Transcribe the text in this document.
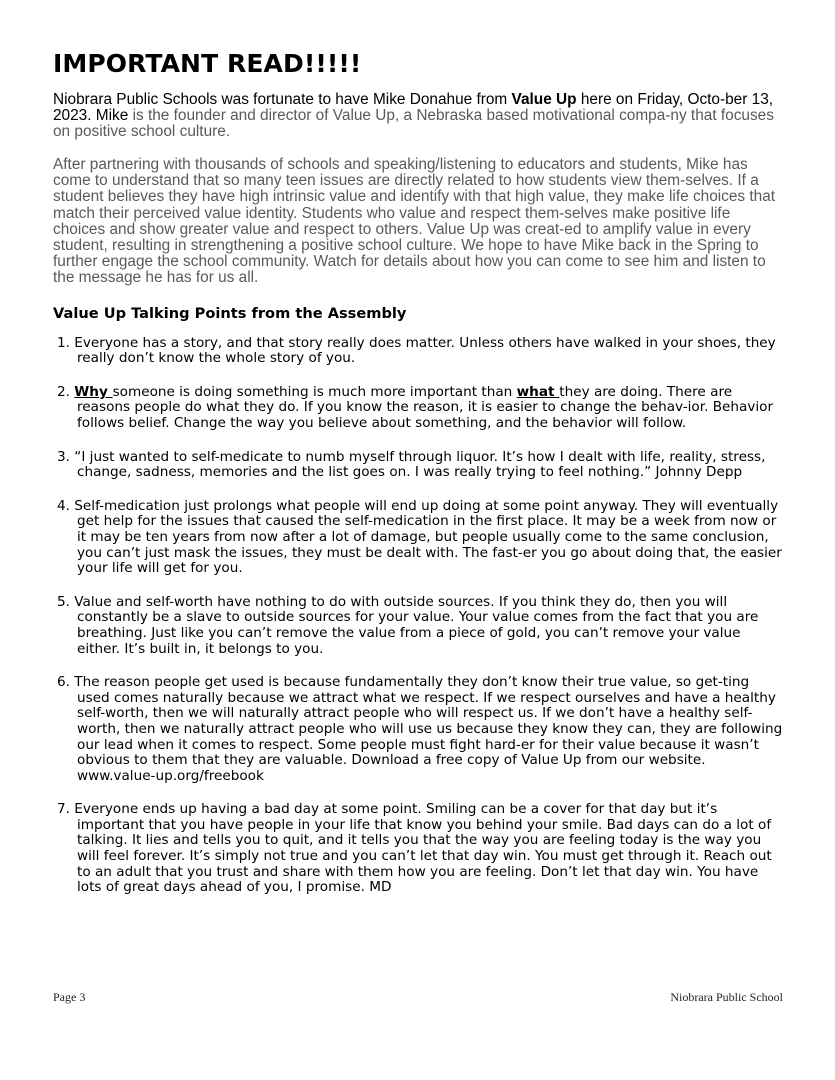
IMPORTANT READ!!!!!

Niobrara Public Schools was fortunate to have Mike Donahue from Value Up here on Friday, Octo-ber 13, 2023. Mike is the founder and director of Value Up, a Nebraska based motivational compa-ny that focuses on positive school culture.

After partnering with thousands of schools and speaking/listening to educators and students, Mike has come to understand that so many teen issues are directly related to how students view them-selves. If a student believes they have high intrinsic value and identify with that high value, they make life choices that match their perceived value identity. Students who value and respect them-selves make positive life choices and show greater value and respect to others. Value Up was creat-ed to amplify value in every student, resulting in strengthening a positive school culture. We hope to have Mike back in the Spring to further engage the school community. Watch for details about how you can come to see him and listen to the message he has for us all.

Value Up Talking Points from the Assembly
1. Everyone has a story, and that story really does matter. Unless others have walked in your shoes, they really don’t know the whole story of you.
2. Why someone is doing something is much more important than what they are doing. There are reasons people do what they do. If you know the reason, it is easier to change the behav-ior. Behavior follows belief. Change the way you believe about something, and the behavior will follow.
3. “I just wanted to self-medicate to numb myself through liquor. It’s how I dealt with life, reality, stress, change, sadness, memories and the list goes on. I was really trying to feel nothing.” Johnny Depp
4. Self-medication just prolongs what people will end up doing at some point anyway. They will eventually get help for the issues that caused the self-medication in the first place. It may be a week from now or it may be ten years from now after a lot of damage, but people usually come to the same conclusion, you can’t just mask the issues, they must be dealt with. The fast-er you go about doing that, the easier your life will get for you.
5. Value and self-worth have nothing to do with outside sources. If you think they do, then you will constantly be a slave to outside sources for your value. Your value comes from the fact that you are breathing. Just like you can’t remove the value from a piece of gold, you can’t remove your value either. It’s built in, it belongs to you.
6. The reason people get used is because fundamentally they don’t know their true value, so get-ting used comes naturally because we attract what we respect. If we respect ourselves and have a healthy self-worth, then we will naturally attract people who will respect us. If we don’t have a healthy self-worth, then we naturally attract people who will use us because they know they can, they are following our lead when it comes to respect. Some people must fight hard-er for their value because it wasn’t obvious to them that they are valuable. Download a free copy of Value Up from our website. www.value-up.org/freebook
7. Everyone ends up having a bad day at some point. Smiling can be a cover for that day but it’s important that you have people in your life that know you behind your smile. Bad days can do a lot of talking. It lies and tells you to quit, and it tells you that the way you are feeling today is the way you will feel forever. It’s simply not true and you can’t let that day win. You must get through it. Reach out to an adult that you trust and share with them how you are feeling. Don’t let that day win. You have lots of great days ahead of you, I promise. MD
Page 3	Niobrara Public School
